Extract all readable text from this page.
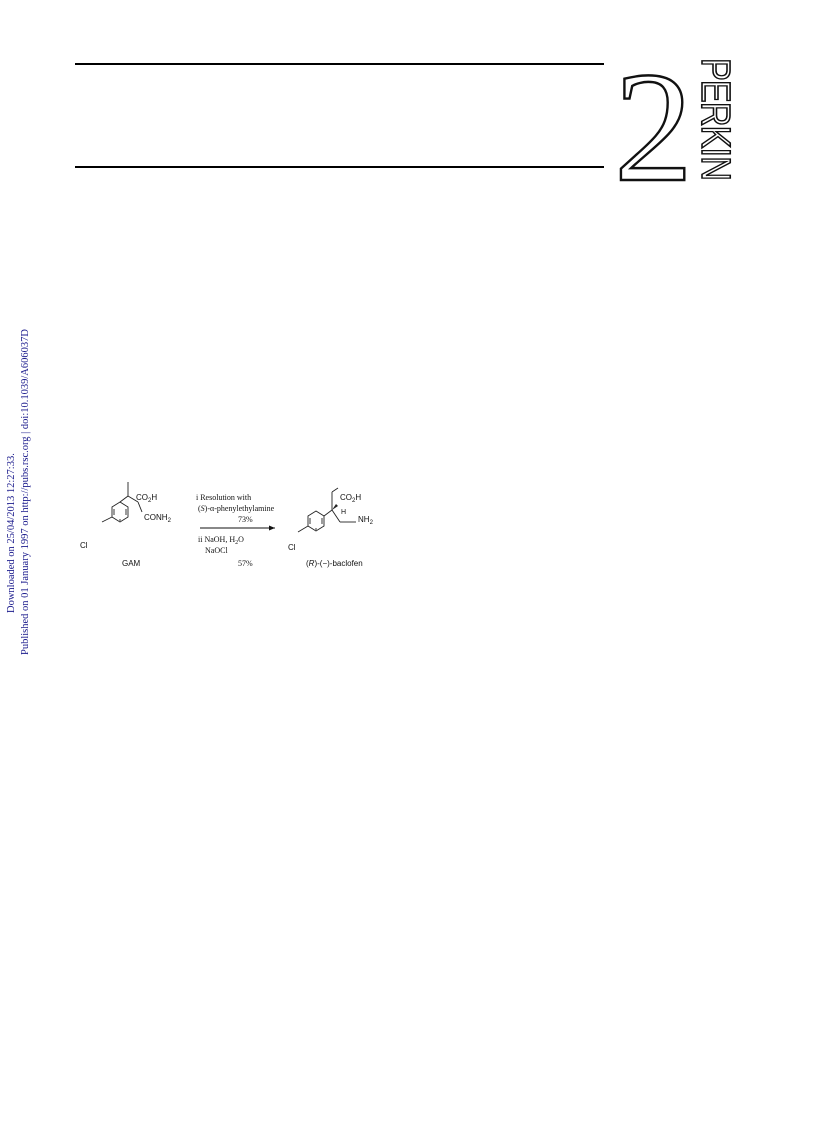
2 PERKIN
Downloaded on 25/04/2013 12:27:33. Published on 01 January 1997 on http://pubs.rsc.org | doi:10.1039/A606037D	$CO_2H$
$CONH_2$
Cl
GAM
i Resolution with
(S)-α-phenylethylamine
73%
ii NaOH, $H_2O$
NaOCl
57%
$CO_2H$
H
$NH_2$
Cl
(R)-(−)-baclofen
